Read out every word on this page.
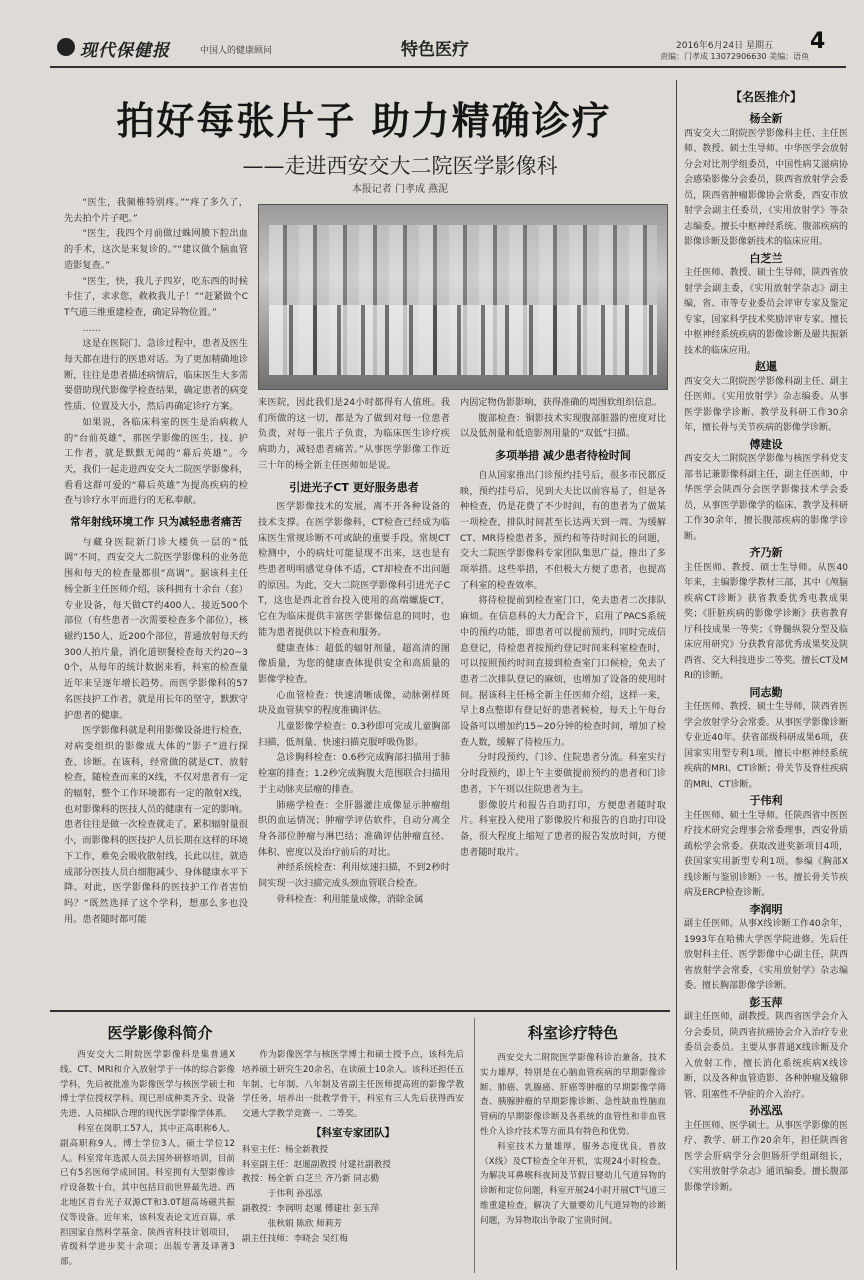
现代保健报	中国人的健康顾问	特色医疗	2016年6月24日 星期五 4
责编：门孝成 13072906630 美编：语鱼
拍好每张片子 助力精确诊疗
——走进西安交大二院医学影像科
本报记者 门孝成 燕泥

“医生，我频椎特别疼。”“疼了多久了，先去拍个片子吧。”

“医生，我四个月前做过蛛网膜下腔出血的手术，这次是来复诊的。”“建议做个脑血管造影复查。”

“医生，快，我儿子四岁，吃东西的时候卡住了，求求您，救救我儿子！”“赶紧做个CT气道三维重建检查，确定异物位置。”

……

这是在医院门、急诊过程中，患者及医生每天都在进行的医患对话。为了更加精确地诊断，往往是患者描述病情后，临床医生大多需要借助现代影像学检查结果，确定患者的病变性质、位置及大小，然后再确定诊疗方案。

如果说，各临床科室的医生是治病救人的“台前英雄”，那医学影像的医生、技、护工作者，就是默默无闻的“幕后英雄”。今天，我们一起走进西安交大二院医学影像科，看看这群可爱的“幕后英雄”为提高疾病的检查与诊疗水平而进行的无私奉献。

常年射线环境工作 只为减轻患者痛苦

与藏身医院新门诊大楼负一层的“低调”不同，西安交大二院医学影像科的业务范围和每天的检查量都很“高调”。据该科主任杨全新主任医师介绍，该科拥有十余台（套）专业设备，每天做CT约400人、接近500个部位（有些患者一次需要检查多个部位），核磁约150人、近200个部位，普通放射每天约300人拍片量，消化道钡餐检查每天约20~30个，从每年的统计数据来看，科室的检查量近年来呈逐年增长趋势。而医学影像科的57名医技护工作者，就是用长年的坚守，默默守护患者的健康。

医学影像科就是利用影像设备进行检查，对病变组织的影像成大体的“影子”进行探查、诊断。在该科，经常做的就是CT、放射检查，随检查而来的X线，不仅对患者有一定的辐射，整个工作环境都有一定的散射X线，也对影像科的医技人员的健康有一定的影响。患者往往是做一次检查就走了，累积辐射量很小，而影像科的医技护人员长期在这样的环境下工作，难免会吸收散射线，长此以往，就造成部分医技人员白细胞减少、身体健康水平下降。对此，医学影像科的医技护工作者害怕吗？“既然选择了这个学科，想那么多也没用。患者随时都可能

来医院，因此我们是24小时都得有人值班。我们所做的这一切，都是为了做到对每一位患者负责，对每一张片子负责，为临床医生诊疗疾病助力，减轻患者痛苦。”从事医学影像工作近三十年的杨全新主任医师如是说。

引进光子CT 更好服务患者

医学影像技术的发展，离不开各种设备的技术支撑。在医学影像科，CT检查已经成为临床医生常规诊断不可或缺的重要手段。常规CT检测中，小的病灶可能显现不出来，这也是有些患者明明感觉身体不适，CT却检查不出问题的原因。为此，交大二院医学影像科引进光子CT，这也是西北首台投入使用的高端螺旋CT，它在为临床提供丰富医学影像信息的同时，也能为患者提供以下检查和服务。

健康查体：超低的辐射剂量，超高清的图像质量，为您的健康查体提供安全和高质量的影像学检查。

心血管检查：快速清晰成像，动脉粥样斑块及血管狭窄的程度准确评估。

儿童影像学检查：0.3秒即可完成儿童胸部扫描，低剂量、快速扫描克服呼吸伪影。

急诊胸科检查：0.6秒完成胸部扫描用于肺栓塞的排查；1.2秒完成胸腹大范围联合扫描用于主动脉夹层瘤的排查。

肺癌学检查：全肝器灌注成像显示肿瘤组织的血运情况；肿瘤学评估软件，自动分离全身各部位肿瘤与淋巴结；准确评估肿瘤直径、体积、密度以及治疗前后的对比。

神经系统检查：利用炫速扫描，不到2秒时间实现一次扫描完成头颈血管联合检查。

骨科检查：利用能量成像，消除金属

内固定物伪影影响，获得准确的周围软组织信息。

腹部检查：铜影技术实现腹部脏器的密度对比以及低剂量和低造影剂用量的“双低”扫描。

多项举措 减少患者待检时间

自从国家推出门诊预约挂号后，很多市民都反映，预约挂号后，见到大夫比以前容易了，但是各种检查，仍是花费了不少时间，有的患者为了做某一项检查，排队时间甚至长达两天到一周。为缓解CT、MR待检患者多，预约和等待时间长的问题，交大二院医学影像科专家团队集思广益，推出了多项举措。这些举措，不但极大方便了患者，也提高了科室的检查效率。

将待检提前到检查室门口，免去患者二次排队麻烦。在信息科的大力配合下，启用了PACS系统中的预约功能，即患者可以提前预约，同时完成信息登记，待检患者按预约登记时间来科室检查时，可以按照预约时间直接到检查室门口候检，免去了患者二次排队登记的麻烦，也增加了设备的使用时间。据该科主任杨全新主任医师介绍，这样一来，早上8点整即有登记好的患者候检，每天上午每台设备可以增加约15~20分钟的检查时间，增加了检查人数，缓解了待检压力。

分时段预约，门诊、住院患者分流。科室实行分时段预约，即上午主要做提前预约的患者和门诊患者，下午则以住院患者为主。

影像胶片和报告自助打印，方便患者随时取片。科室投入使用了影像胶片和报告的自助打印设备，很大程度上缩短了患者的报告发放时间，方便患者随时取片。

医学影像科简介

西安交大二附院医学影像科是集普通X线、CT、MRI和介入放射学于一体的综合影像学科，先后被批准为影像医学与核医学硕士和博士学位授权学科。现已形成种类齐全、设备先进、人员梯队合理的现代医学影像学体系。

科室在岗职工57人，其中正高职称6人、副高职称9人，博士学位3人，硕士学位12人。科室常年选派人员去国外研修培训，目前已有5名医师学成回国。科室拥有大型影像诊疗设备数十台，其中包括目前世界最先进、西北地区首台光子双源CT和3.0T超高场磁共振仪等设备。近年来，该科发表论文近百篇，承担国家自然科学基金、陕西省科技计划项目，省级科学进步奖十余项；出版专著及译著3部。

作为影像医学与核医学博士和硕士授予点，该科先后培养硕士研究生20余名，在读硕士10余人。该科还担任五年制、七年制、八年制及省副主任医师提高班的影像学教学任务，培养出一批教学骨干，科室有三人先后获得西安交通大学教学竞赛一、二等奖。

【科室专家团队】
科室主任：杨全新教授
科室副主任：赵暹副教授 付建社副教授
教授：杨全新 白芝兰 齐乃新 同志勤
于伟利 孙泓泓
副教授：李润明 赵暹 傅建社 彭玉萍
张秋娟 陈欣 师莉芳
副主任技师：李晓会 吴红梅
科室诊疗特色

西安交大二附院医学影像科诊治兼备，技术实力雄厚，特别是在心脑血管疾病的早期影像诊断、肺癌、乳腺癌、肝癌等肿瘤的早期影像学筛查、胰腺肿瘤的早期影像诊断、急性缺血性脑血管病的早期影像诊断及各系统的血管性和非血管性介入诊疗技术等方面具有特色和优势。

科室技术力量雄厚，服务态度优良，普放（X线）及CT检查全年开机，实现24小时检查。为解决耳鼻喉科夜间及节假日婴幼儿气道异物的诊断和定位问题，科室开展24小时开展CT气道三维重建检查，解决了大量婴幼儿气道异物的诊断问题，为异物取出争取了宝贵时间。

【名医推介】
杨全新
西安交大二附院医学影像科主任、主任医师、教授、硕士生导师。中华医学会放射分会对比剂学组委员，中国性病艾滋病协会感染影像分会委员，陕西省放射学会委员，陕西省肿瘤影像协会常委，西安市放射学会副主任委员，《实用放射学》等杂志编委。擅长中枢神经系统、腹部疾病的影像诊断及影像新技术的临床应用。
白芝兰
主任医师、教授、硕士生导师，陕西省放射学会副主委，《实用放射学杂志》副主编，省、市等专业委员会评审专家及鉴定专家，国家科学技术奖励评审专家。擅长中枢神经系统疾病的影像诊断及磁共振新技术的临床应用。
赵暹
西安交大二附院医学影像科副主任、副主任医师。《实用放射学》杂志编委。从事医学影像学诊断、教学及科研工作30余年，擅长骨与关节疾病的影像学诊断。
傅建设
西安交大二附院医学影像与核医学科党支部书记兼影像科副主任，副主任医师，中华医学会陕西分会医学影像技术学会委员，从事医学影像学的临床、教学及科研工作30余年，擅长腹部疾病的影像学诊断。
齐乃新
主任医师、教授、硕士生导师。从医40年来，主编影像学教材三部，其中《颅脑疾病CT诊断》获省教委优秀电教成果奖；《肝脏疾病的影像学诊断》获省教育厅科技成果一等奖；《脊髓纵裂分型及临床应用研究》分获教育部优秀成果奖及陕西省、交大科技进步二等奖。擅长CT及MRI的诊断。
同志勤
主任医师、教授、硕士生导师，陕西省医学会放射学分会常委。从事医学影像诊断专业近40年。获省部级科研成果6项，获国家实用型专利1项。擅长中枢神经系统疾病的MRI、CT诊断；骨关节及脊柱疾病的MRI、CT诊断。
于伟利
主任医师、硕士生导师。任陕西省中医医疗技术研究会理事会常委理事，西安骨质疏松学会常委。获取改进奖新项目4项，获国家实用新型专利1项。参编《胸部X线诊断与鉴别诊断》一书。擅长骨关节疾病及ERCP检查诊断。
李润明
副主任医师。从事X线诊断工作40余年，1993年在哈佛大学医学院进修。先后任放射科主任、医学影像中心副主任，陕西省放射学会常委，《实用放射学》杂志编委。擅长胸部影像学诊断。
彭玉萍
副主任医师，副教授。陕西省医学会介入分会委员，陕西省抗癌协会介入治疗专业委员会委员。主要从事普通X线诊断及介入放射工作，擅长消化系统疾病X线诊断，以及各种血管造影、各种肿瘤及输卵管、阻塞性不孕症的介入治疗。
孙泓泓
主任医师、医学硕士。从事医学影像的医疗、教学、研工作20余年，担任陕西省医学会肝病学分会胆肠肝学组副组长，《实用放射学杂志》通讯编委。擅长腹部影像学诊断。
